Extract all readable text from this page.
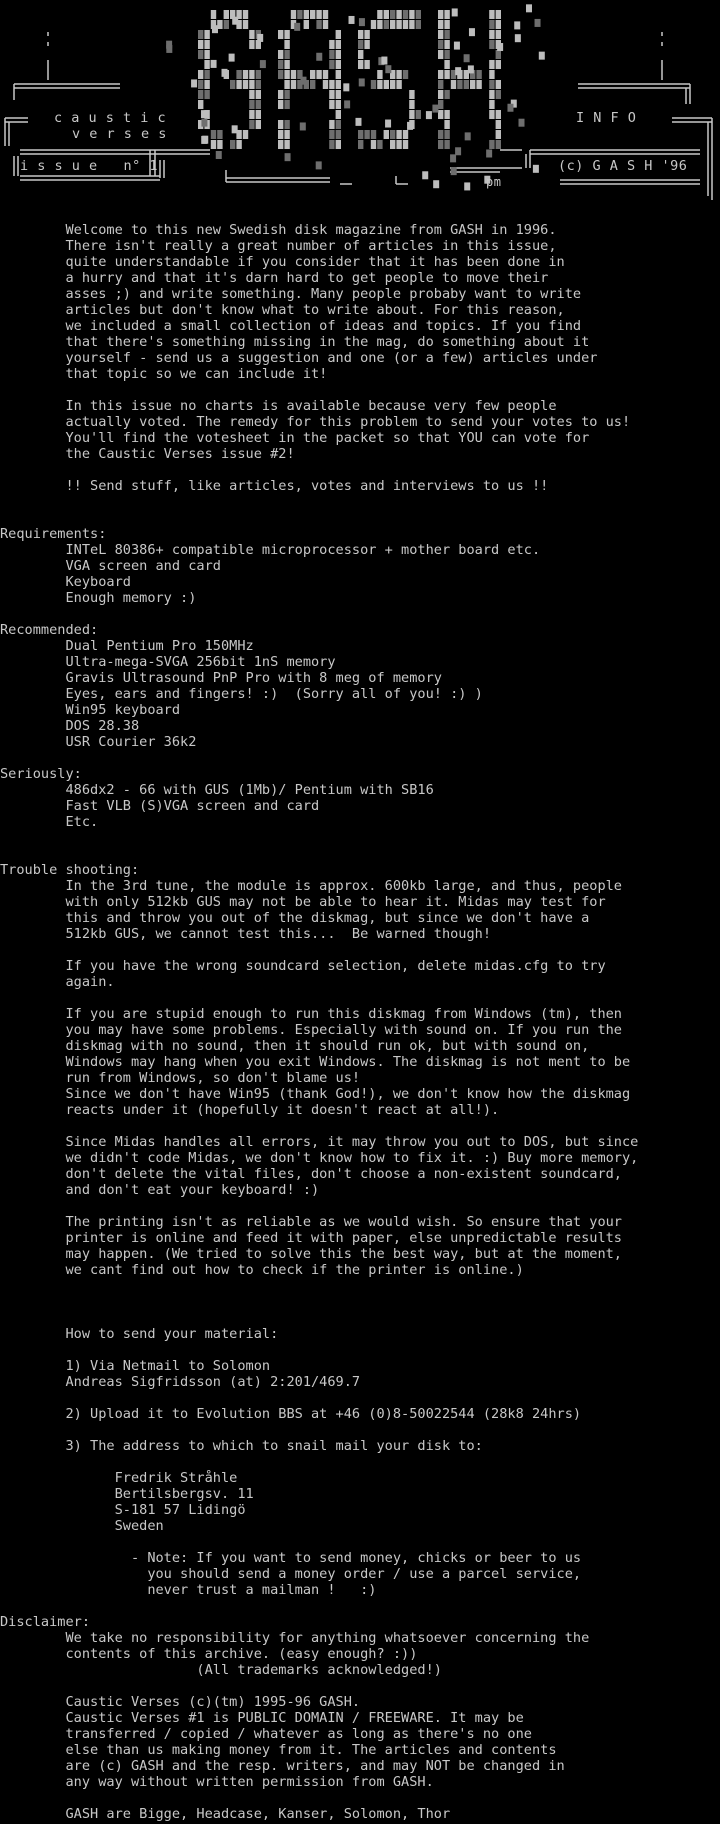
c a u s t i c
v e r s e s
i s s u e   n° 1
I N F O
(c) G A S H '96
pm
Welcome to this new Swedish disk magazine from GASH in 1996.
There isn't really a great number of articles in this issue,
quite understandable if you consider that it has been done in
a hurry and that it's darn hard to get people to move their
asses ;) and write something. Many people probaby want to write
articles but don't know what to write about. For this reason,
we included a small collection of ideas and topics. If you find
that there's something missing in the mag, do something about it
yourself - send us a suggestion and one (or a few) articles under
that topic so we can include it!

In this issue no charts is available because very few people
actually voted. The remedy for this problem to send your votes to us!
You'll find the votesheet in the packet so that YOU can vote for
the Caustic Verses issue #2!

!! Send stuff, like articles, votes and interviews to us !!

Requirements:
INTeL 80386+ compatible microprocessor + mother board etc.
VGA screen and card
Keyboard
Enough memory :)

Recommended:
Dual Pentium Pro 150MHz
Ultra-mega-SVGA 256bit 1nS memory
Gravis Ultrasound PnP Pro with 8 meg of memory
Eyes, ears and fingers! :)  (Sorry all of you! :) )
Win95 keyboard
DOS 28.38
USR Courier 36k2

Seriously:
486dx2 - 66 with GUS (1Mb)/ Pentium with SB16
Fast VLB (S)VGA screen and card
Etc.

Trouble shooting:
In the 3rd tune, the module is approx. 600kb large, and thus, people
with only 512kb GUS may not be able to hear it. Midas may test for
this and throw you out of the diskmag, but since we don't have a
512kb GUS, we cannot test this...  Be warned though!

If you have the wrong soundcard selection, delete midas.cfg to try
again.

If you are stupid enough to run this diskmag from Windows (tm), then
you may have some problems. Especially with sound on. If you run the
diskmag with no sound, then it should run ok, but with sound on,
Windows may hang when you exit Windows. The diskmag is not ment to be
run from Windows, so don't blame us!
Since we don't have Win95 (thank God!), we don't know how the diskmag
reacts under it (hopefully it doesn't react at all!).

Since Midas handles all errors, it may throw you out to DOS, but since
we didn't code Midas, we don't know how to fix it. :) Buy more memory,
don't delete the vital files, don't choose a non-existent soundcard,
and don't eat your keyboard! :)

The printing isn't as reliable as we would wish. So ensure that your
printer is online and feed it with paper, else unpredictable results
may happen. (We tried to solve this the best way, but at the moment,
we cant find out how to check if the printer is online.)

How to send your material:

1) Via Netmail to Solomon
Andreas Sigfridsson (at) 2:201/469.7

2) Upload it to Evolution BBS at +46 (0)8-50022544 (28k8 24hrs)

3) The address to which to snail mail your disk to:

Fredrik Stråhle
Bertilsbergsv. 11
S-181 57 Lidingö
Sweden

- Note: If you want to send money, chicks or beer to us
you should send a money order / use a parcel service,
never trust a mailman !   :)

Disclaimer:
We take no responsibility for anything whatsoever concerning the
contents of this archive. (easy enough? :))
(All trademarks acknowledged!)

Caustic Verses (c)(tm) 1995-96 GASH.
Caustic Verses #1 is PUBLIC DOMAIN / FREEWARE. It may be
transferred / copied / whatever as long as there's no one
else than us making money from it. The articles and contents
are (c) GASH and the resp. writers, and may NOT be changed in
any way without written permission from GASH.

GASH are Bigge, Headcase, Kanser, Solomon, Thor
